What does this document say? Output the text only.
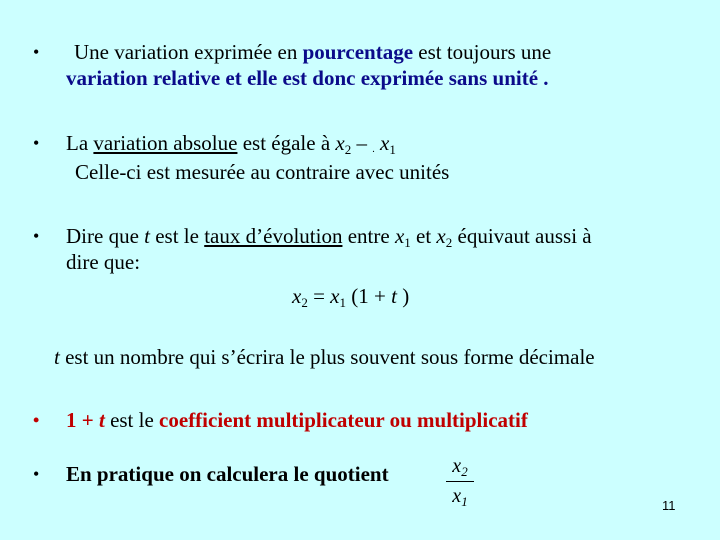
• Une variation exprimée en pourcentage est toujours une
variation relative et elle est donc exprimée sans unité .
• La variation absolue est égale à $x_2$ – . $x_1$
Celle-ci est mesurée au contraire avec unités
• Dire que t est le taux d’évolution entre $x_1$ et $x_2$ équivaut aussi à
dire que:
$x_2 = x_1$ (1 + t )
t est un nombre qui s’écrira le plus souvent sous forme décimale
• 1 + t est le coefficient multiplicateur ou multiplicatif
• En pratique on calculera le quotient	$x_2$
$x_1$	11
